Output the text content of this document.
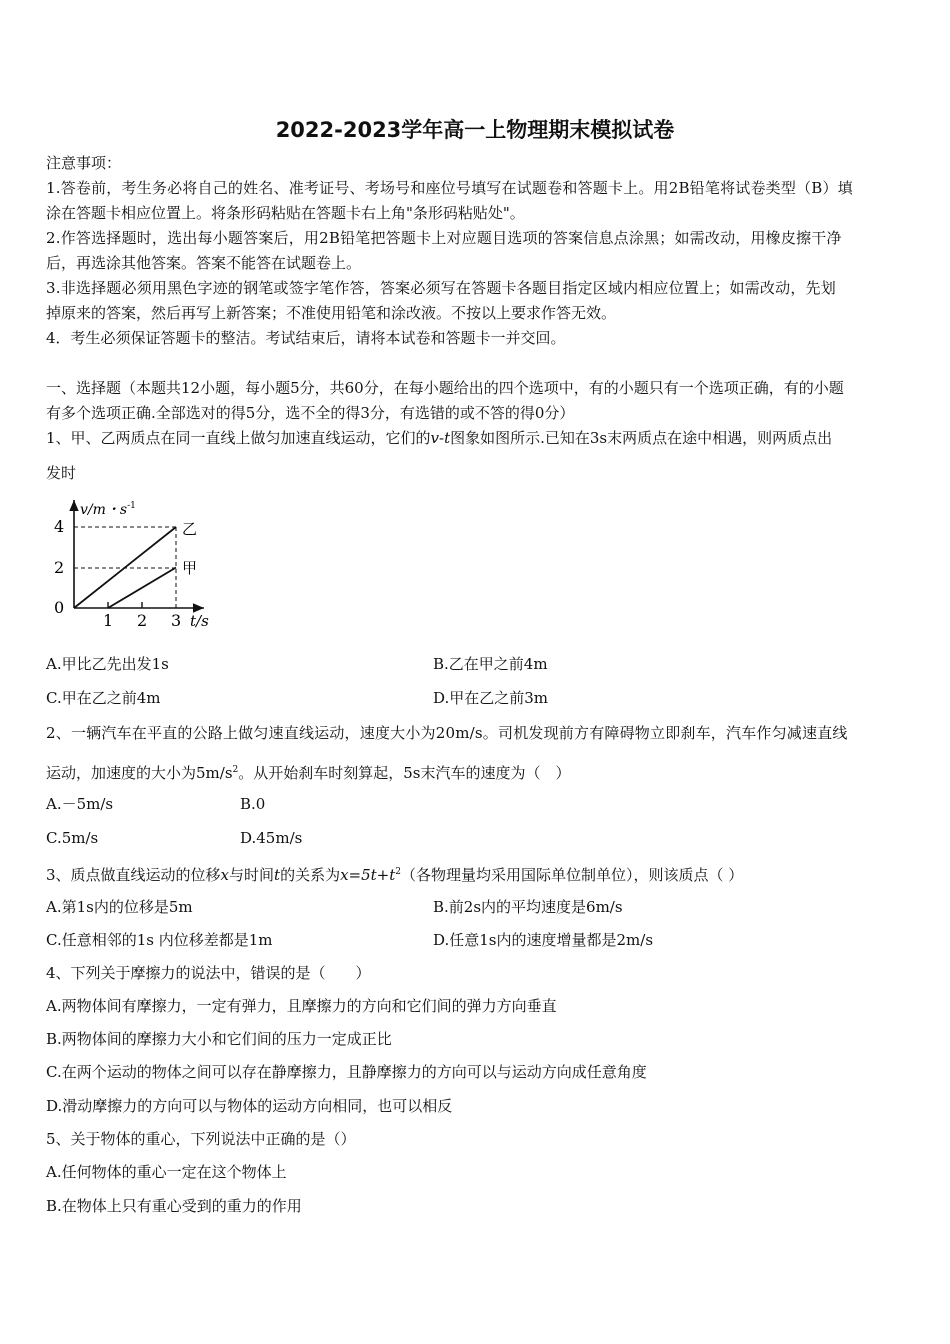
2022-2023学年高一上物理期末模拟试卷
注意事项：
1.答卷前，考生务必将自己的姓名、准考证号、考场号和座位号填写在试题卷和答题卡上。用2B铅笔将试卷类型（B）填
涂在答题卡相应位置上。将条形码粘贴在答题卡右上角"条形码粘贴处"。
2.作答选择题时，选出每小题答案后，用2B铅笔把答题卡上对应题目选项的答案信息点涂黑；如需改动，用橡皮擦干净
后，再选涂其他答案。答案不能答在试题卷上。
3.非选择题必须用黑色字迹的钢笔或签字笔作答，答案必须写在答题卡各题目指定区域内相应位置上；如需改动，先划
掉原来的答案，然后再写上新答案；不准使用铅笔和涂改液。不按以上要求作答无效。
4．考生必须保证答题卡的整洁。考试结束后，请将本试卷和答题卡一并交回。
一、选择题（本题共12小题，每小题5分，共60分，在每小题给出的四个选项中，有的小题只有一个选项正确，有的小题
有多个选项正确.全部选对的得5分，选不全的得3分，有选错的或不答的得0分）
1、甲、乙两质点在同一直线上做匀加速直线运动，它们的v-t图象如图所示.已知在3s末两质点在途中相遇，则两质点出
发时
v/m・$s^{-1}$
4
2
0
1 2 3 t/s
乙
甲
A.甲比乙先出发1s	B.乙在甲之前4m
C.甲在乙之前4m	D.甲在乙之前3m
2、一辆汽车在平直的公路上做匀速直线运动，速度大小为20m/s。司机发现前方有障碍物立即刹车，汽车作匀减速直线
运动，加速度的大小为$5m/s^2$。从开始刹车时刻算起，5s末汽车的速度为（　）
A.－5m/s	B.0
C.5m/s	D.45m/s
3、质点做直线运动的位移x与时间t的关系为$x=5t+t^2$（各物理量均采用国际单位制单位），则该质点（ ）
A.第1s内的位移是5m	B.前2s内的平均速度是6m/s
C.任意相邻的1s 内位移差都是1m	D.任意1s内的速度增量都是2m/s
4、下列关于摩擦力的说法中，错误的是（　　）
A.两物体间有摩擦力，一定有弹力，且摩擦力的方向和它们间的弹力方向垂直
B.两物体间的摩擦力大小和它们间的压力一定成正比
C.在两个运动的物体之间可以存在静摩擦力，且静摩擦力的方向可以与运动方向成任意角度
D.滑动摩擦力的方向可以与物体的运动方向相同，也可以相反
5、关于物体的重心，下列说法中正确的是（）
A.任何物体的重心一定在这个物体上
B.在物体上只有重心受到的重力的作用
